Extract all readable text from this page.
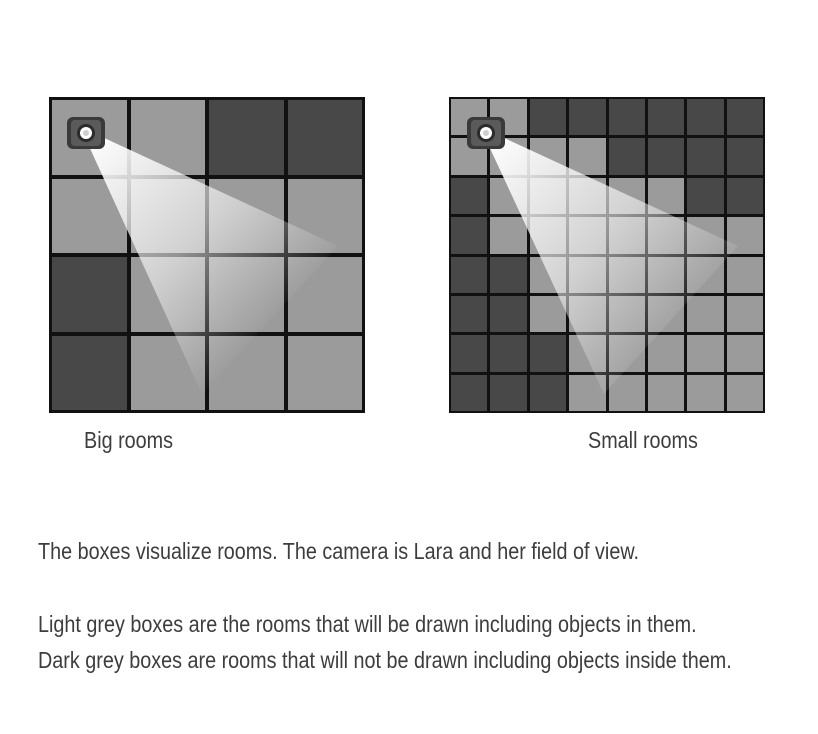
Big rooms	Small rooms
The boxes visualize rooms. The camera is Lara and her field of view.
Light grey boxes are the rooms that will be drawn including objects in them.
Dark grey boxes are rooms that will not be drawn including objects inside them.
